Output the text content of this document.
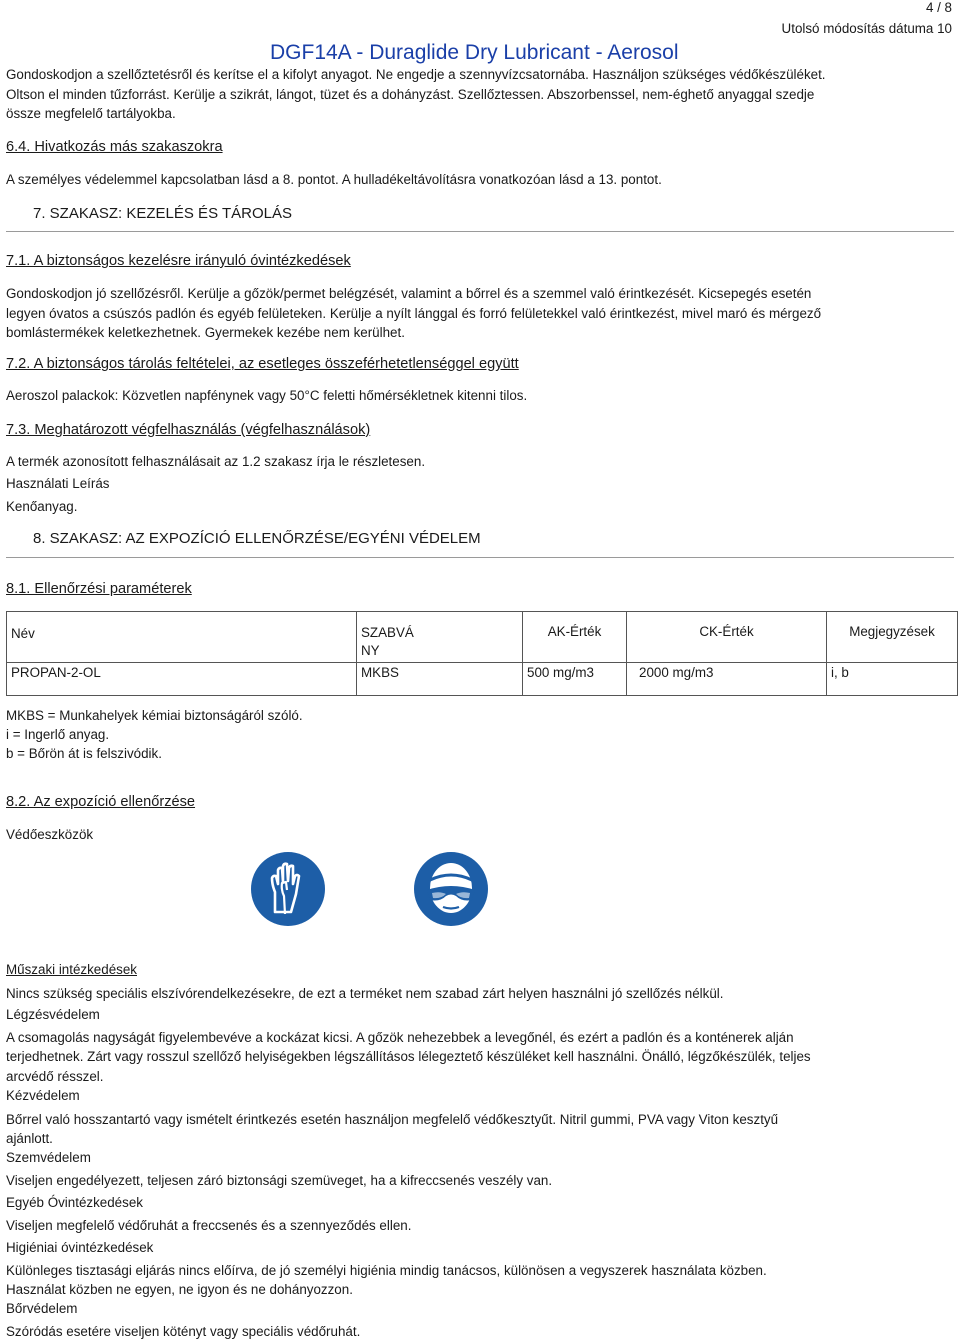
4 / 8
Utolsó módosítás dátuma 10
DGF14A - Duraglide Dry Lubricant - Aerosol
Gondoskodjon a szellőztetésről és kerítse el a kifolyt anyagot. Ne engedje a szennyvízcsatornába. Használjon szükséges védőkészüléket.
Oltson el minden tűzforrást. Kerülje a szikrát, lángot, tüzet és a dohányzást. Szellőztessen. Abszorbenssel, nem-éghető anyaggal szedje
össze megfelelő tartályokba.
6.4. Hivatkozás más szakaszokra
A személyes védelemmel kapcsolatban lásd a 8. pontot. A hulladékeltávolításra vonatkozóan lásd a 13. pontot.
7. SZAKASZ: KEZELÉS ÉS TÁROLÁS
7.1. A biztonságos kezelésre irányuló óvintézkedések
Gondoskodjon jó szellőzésről. Kerülje a gőzök/permet belégzését, valamint a bőrrel és a szemmel való érintkezését. Kicsepegés esetén
legyen óvatos a csúszós padlón és egyéb felületeken. Kerülje a nyílt lánggal és forró felületekkel való érintkezést, mivel maró és mérgező
bomlástermékek keletkezhetnek. Gyermekek kezébe nem kerülhet.
7.2. A biztonságos tárolás feltételei, az esetleges összeférhetetlenséggel együtt
Aeroszol palackok: Közvetlen napfénynek vagy 50°C feletti hőmérsékletnek kitenni tilos.
7.3. Meghatározott végfelhasználás (végfelhasználások)
A termék azonosított felhasználásait az 1.2 szakasz írja le részletesen.
Használati Leírás
Kenőanyag.
8. SZAKASZ: AZ EXPOZÍCIÓ ELLENŐRZÉSE/EGYÉNI VÉDELEM
8.1. Ellenőrzési paraméterek
Név	SZABVÁ NY	AK-Érték	CK-Érték	Megjegyzések
PROPAN-2-OL	MKBS	500 mg/m3	2000 mg/m3	i, b
MKBS = Munkahelyek kémiai biztonságáról szóló.
i = Ingerlő anyag.
b = Bőrön át is felszivódik.
8.2. Az expozíció ellenőrzése
Védőeszközök
Műszaki intézkedések
Nincs szükség speciális elszívórendelkezésekre, de ezt a terméket nem szabad zárt helyen használni jó szellőzés nélkül.
Légzésvédelem
A csomagolás nagyságát figyelembevéve a kockázat kicsi. A gőzök nehezebbek a levegőnél, és ezért a padlón és a konténerek alján
terjedhetnek. Zárt vagy rosszul szellőző helyiségekben légszállításos lélegeztető készüléket kell használni. Önálló, légzőkészülék, teljes
arcvédő résszel.
Kézvédelem
Bőrrel való hosszantartó vagy ismételt érintkezés esetén használjon megfelelő védőkesztyűt. Nitril gummi, PVA vagy Viton kesztyű
ajánlott.
Szemvédelem
Viseljen engedélyezett, teljesen záró biztonsági szemüveget, ha a kifreccsenés veszély van.
Egyéb Óvintézkedések
Viseljen megfelelő védőruhát a freccsenés és a szennyeződés ellen.
Higiéniai óvintézkedések
Különleges tisztasági eljárás nincs előírva, de jó személyi higiénia mindig tanácsos, különösen a vegyszerek használata közben.
Használat közben ne egyen, ne igyon és ne dohányozzon.
Bőrvédelem
Szóródás esetére viseljen kötényt vagy speciális védőruhát.
